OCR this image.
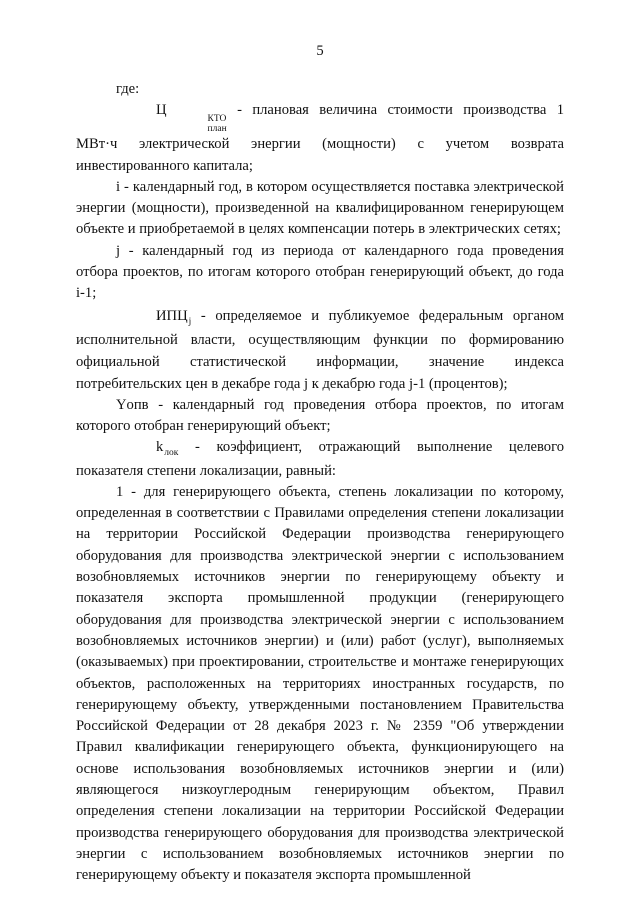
5

где:

Ц
КТО
план
- плановая величина стоимости производства 1 МВт·ч электрической энергии (мощности) с учетом возврата инвестированного капитала;

i - календарный год, в котором осуществляется поставка электрической энергии (мощности), произведенной на квалифицированном генерирующем объекте и приобретаемой в целях компенсации потерь в электрических сетях;

j - календарный год из периода от календарного года проведения отбора проектов, по итогам которого отобран генерирующий объект, до года i-1;

$ИПЦ_j$ - определяемое и публикуемое федеральным органом исполнительной власти, осуществляющим функции по формированию официальной статистической информации, значение индекса потребительских цен в декабре года j к декабрю года j-1 (процентов);

Yопв - календарный год проведения отбора проектов, по итогам которого отобран генерирующий объект;

$k_{лок}$ - коэффициент, отражающий выполнение целевого показателя степени локализации, равный:

1 - для генерирующего объекта, степень локализации по которому, определенная в соответствии с Правилами определения степени локализации на территории Российской Федерации производства генерирующего оборудования для производства электрической энергии с использованием возобновляемых источников энергии по генерирующему объекту и показателя экспорта промышленной продукции (генерирующего оборудования для производства электрической энергии с использованием возобновляемых источников энергии) и (или) работ (услуг), выполняемых (оказываемых) при проектировании, строительстве и монтаже генерирующих объектов, расположенных на территориях иностранных государств, по генерирующему объекту, утвержденными постановлением Правительства Российской Федерации от 28 декабря 2023 г. № 2359 "Об утверждении Правил квалификации генерирующего объекта, функционирующего на основе использования возобновляемых источников энергии и (или) являющегося низкоуглеродным генерирующим объектом, Правил определения степени локализации на территории Российской Федерации производства генерирующего оборудования для производства электрической энергии с использованием возобновляемых источников энергии по генерирующему объекту и показателя экспорта промышленной
